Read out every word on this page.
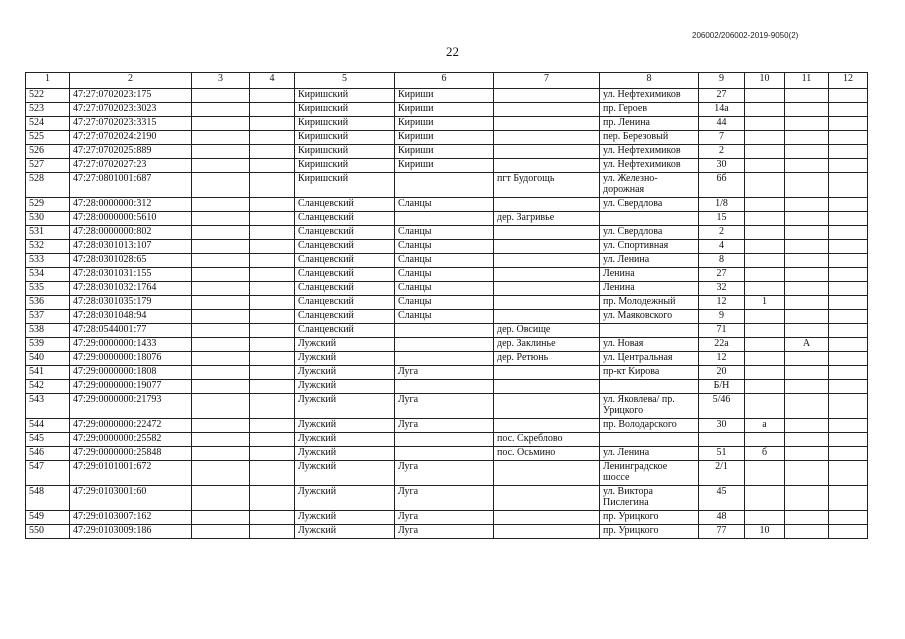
206002/206002-2019-9050(2)
22
1	2	3	4	5	6	7	8	9	10	11	12
522	47:27:0702023:175			Киришский	Кириши		ул. Нефтехимиков	27			
523	47:27:0702023:3023			Киришский	Кириши		пр. Героев	14а			
524	47:27:0702023:3315			Киришский	Кириши		пр. Ленина	44			
525	47:27:0702024:2190			Киришский	Кириши		пер. Березовый	7			
526	47:27:0702025:889			Киришский	Кириши		ул. Нефтехимиков	2			
527	47:27:0702027:23			Киришский	Кириши		ул. Нефтехимиков	30			
528	47:27:0801001:687			Киришский		пгт Будогощь	ул. Железно-дорожная	6б			
529	47:28:0000000:312			Сланцевский	Сланцы		ул. Свердлова	1/8			
530	47:28:0000000:5610			Сланцевский		дер. Загривье		15			
531	47:28:0000000:802			Сланцевский	Сланцы		ул. Свердлова	2			
532	47:28:0301013:107			Сланцевский	Сланцы		ул. Спортивная	4			
533	47:28:0301028:65			Сланцевский	Сланцы		ул. Ленина	8			
534	47:28:0301031:155			Сланцевский	Сланцы		Ленина	27			
535	47:28:0301032:1764			Сланцевский	Сланцы		Ленина	32			
536	47:28:0301035:179			Сланцевский	Сланцы		пр. Молодежный	12	1		
537	47:28:0301048:94			Сланцевский	Сланцы		ул. Маяковского	9			
538	47:28:0544001:77			Сланцевский		дер. Овсище		71			
539	47:29:0000000:1433			Лужский		дер. Заклинье	ул. Новая	22а		А	
540	47:29:0000000:18076			Лужский		дер. Ретюнь	ул. Центральная	12			
541	47:29:0000000:1808			Лужский	Луга		пр-кт Кирова	20			
542	47:29:0000000:19077			Лужский				Б/Н			
543	47:29:0000000:21793			Лужский	Луга		ул. Яковлева/ пр. Урицкого	5/46			
544	47:29:0000000:22472			Лужский	Луга		пр. Володарского	30	а		
545	47:29:0000000:25582			Лужский		пос. Скреблово					
546	47:29:0000000:25848			Лужский		пос. Осьмино	ул. Ленина	51	б		
547	47:29:0101001:672			Лужский	Луга		Ленинградское шоссе	2/1			
548	47:29:0103001:60			Лужский	Луга		ул. Виктора Пислегина	45			
549	47:29:0103007:162			Лужский	Луга		пр. Урицкого	48			
550	47:29:0103009:186			Лужский	Луга		пр. Урицкого	77	10		
